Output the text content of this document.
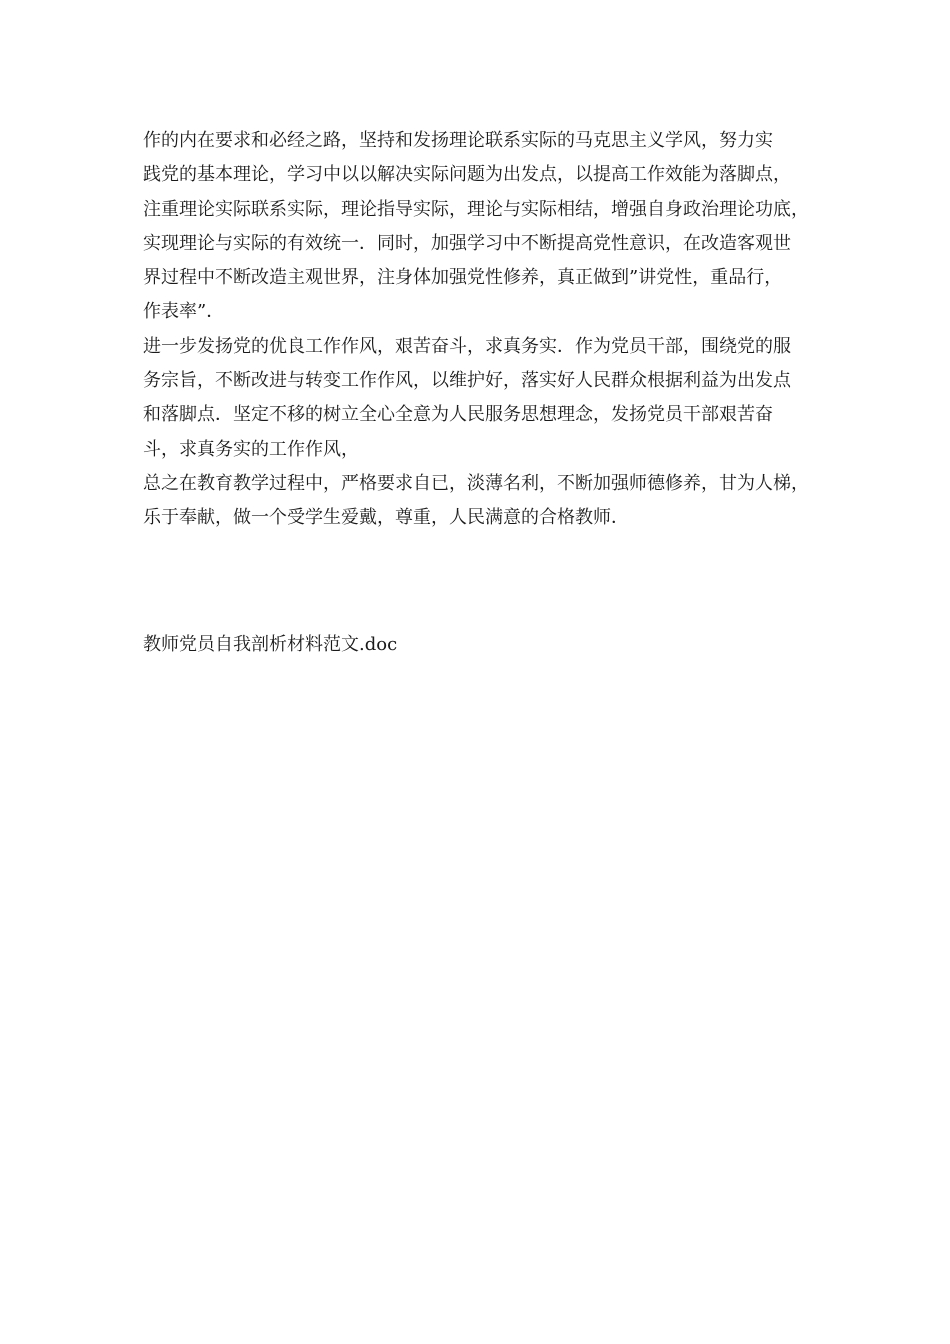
作的内在要求和必经之路，坚持和发扬理论联系实际的马克思主义学风，努力实
践党的基本理论，学习中以以解决实际问题为出发点，以提高工作效能为落脚点，
注重理论实际联系实际，理论指导实际，理论与实际相结，增强自身政治理论功底，
实现理论与实际的有效统一．同时，加强学习中不断提高党性意识，在改造客观世
界过程中不断改造主观世界，注身体加强党性修养，真正做到”讲党性，重品行，
作表率”．
进一步发扬党的优良工作作风，艰苦奋斗，求真务实．作为党员干部，围绕党的服
务宗旨，不断改进与转变工作作风，以维护好，落实好人民群众根据利益为出发点
和落脚点．坚定不移的树立全心全意为人民服务思想理念，发扬党员干部艰苦奋
斗，求真务实的工作作风，
总之在教育教学过程中，严格要求自已，淡薄名利，不断加强师德修养，甘为人梯，
乐于奉献，做一个受学生爱戴，尊重，人民满意的合格教师．
教师党员自我剖析材料范文.doc
